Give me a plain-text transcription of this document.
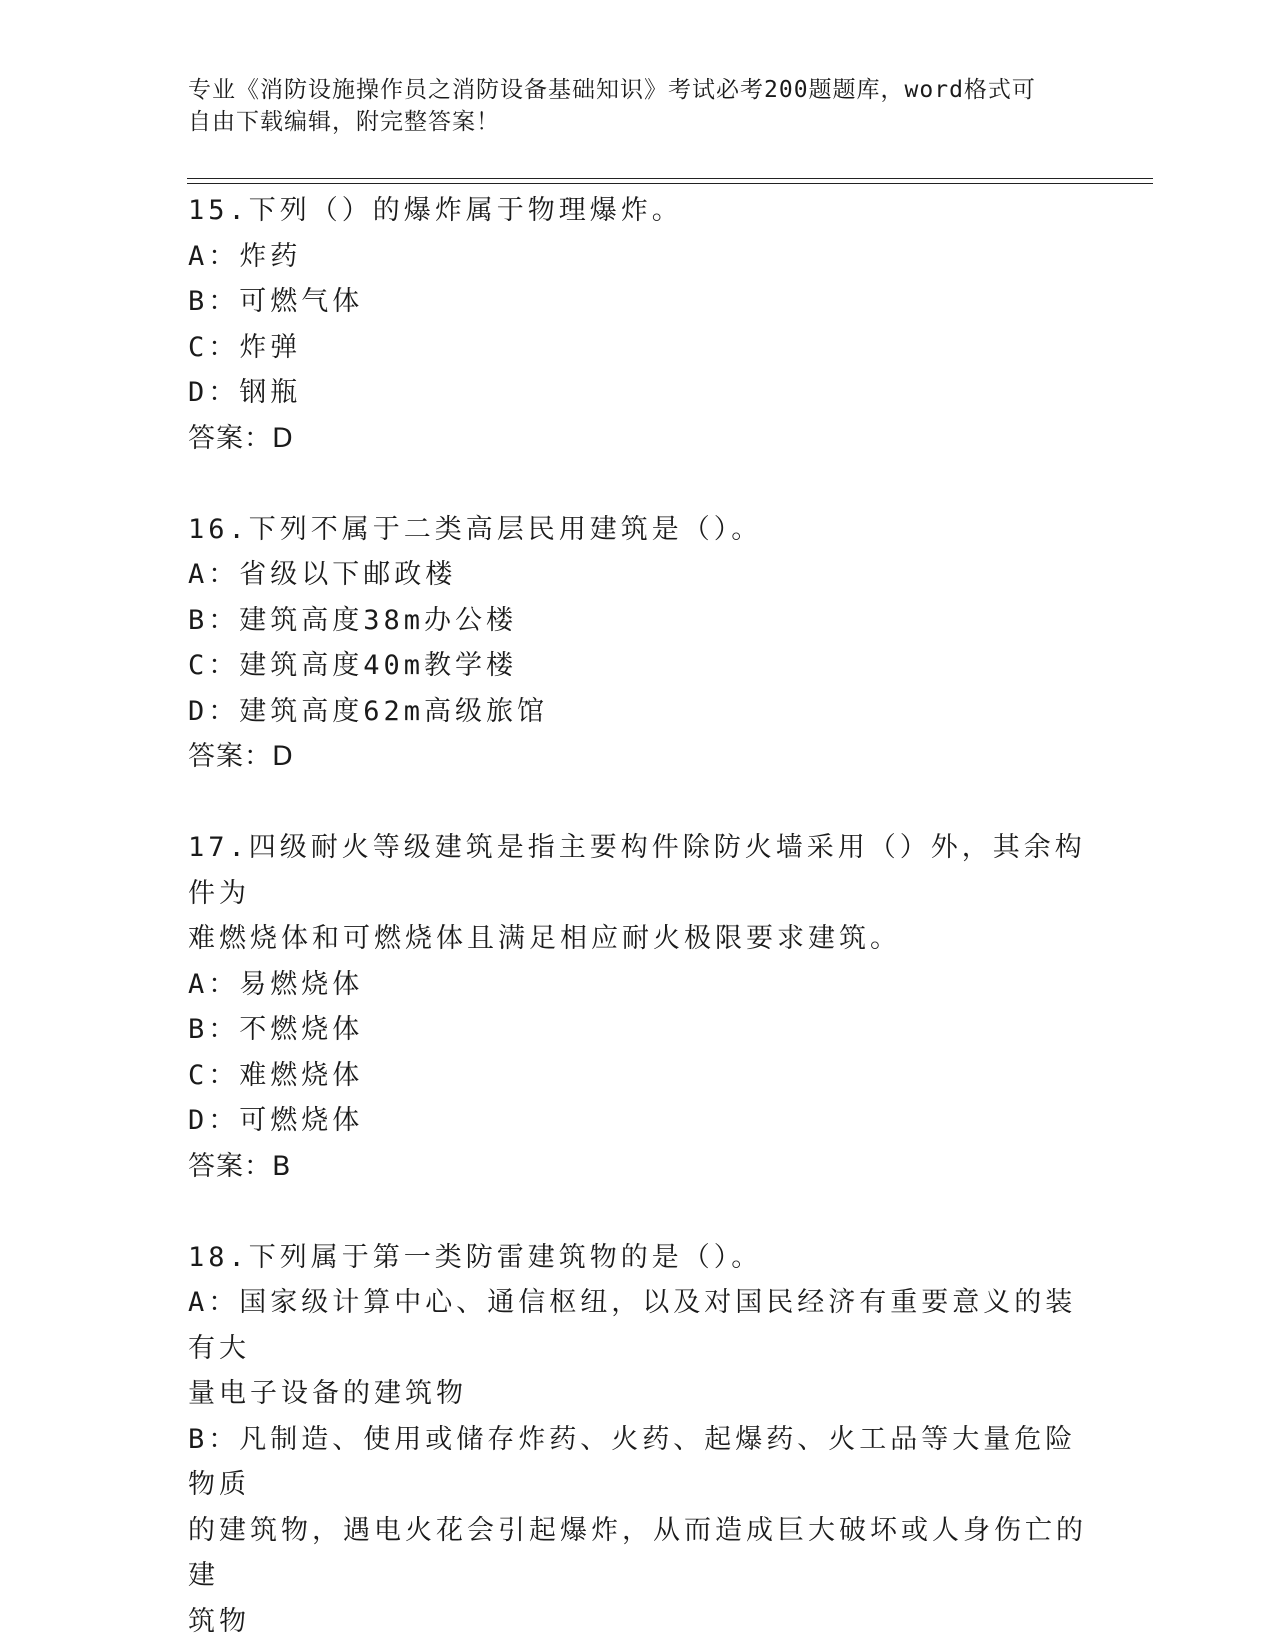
专业《消防设施操作员之消防设备基础知识》考试必考200题题库，word格式可
自由下载编辑，附完整答案！
15.下列（）的爆炸属于物理爆炸。
A：炸药
B：可燃气体
C：炸弹
D：钢瓶
答案：D
16.下列不属于二类高层民用建筑是（）。
A：省级以下邮政楼
B：建筑高度38m办公楼
C：建筑高度40m教学楼
D：建筑高度62m高级旅馆
答案：D
17.四级耐火等级建筑是指主要构件除防火墙采用（）外，其余构件为
难燃烧体和可燃烧体且满足相应耐火极限要求建筑。
A：易燃烧体
B：不燃烧体
C：难燃烧体
D：可燃烧体
答案：B
18.下列属于第一类防雷建筑物的是（）。
A：国家级计算中心、通信枢纽，以及对国民经济有重要意义的装有大
量电子设备的建筑物
B：凡制造、使用或储存炸药、火药、起爆药、火工品等大量危险物质
的建筑物，遇电火花会引起爆炸，从而造成巨大破坏或人身伤亡的建
筑物
